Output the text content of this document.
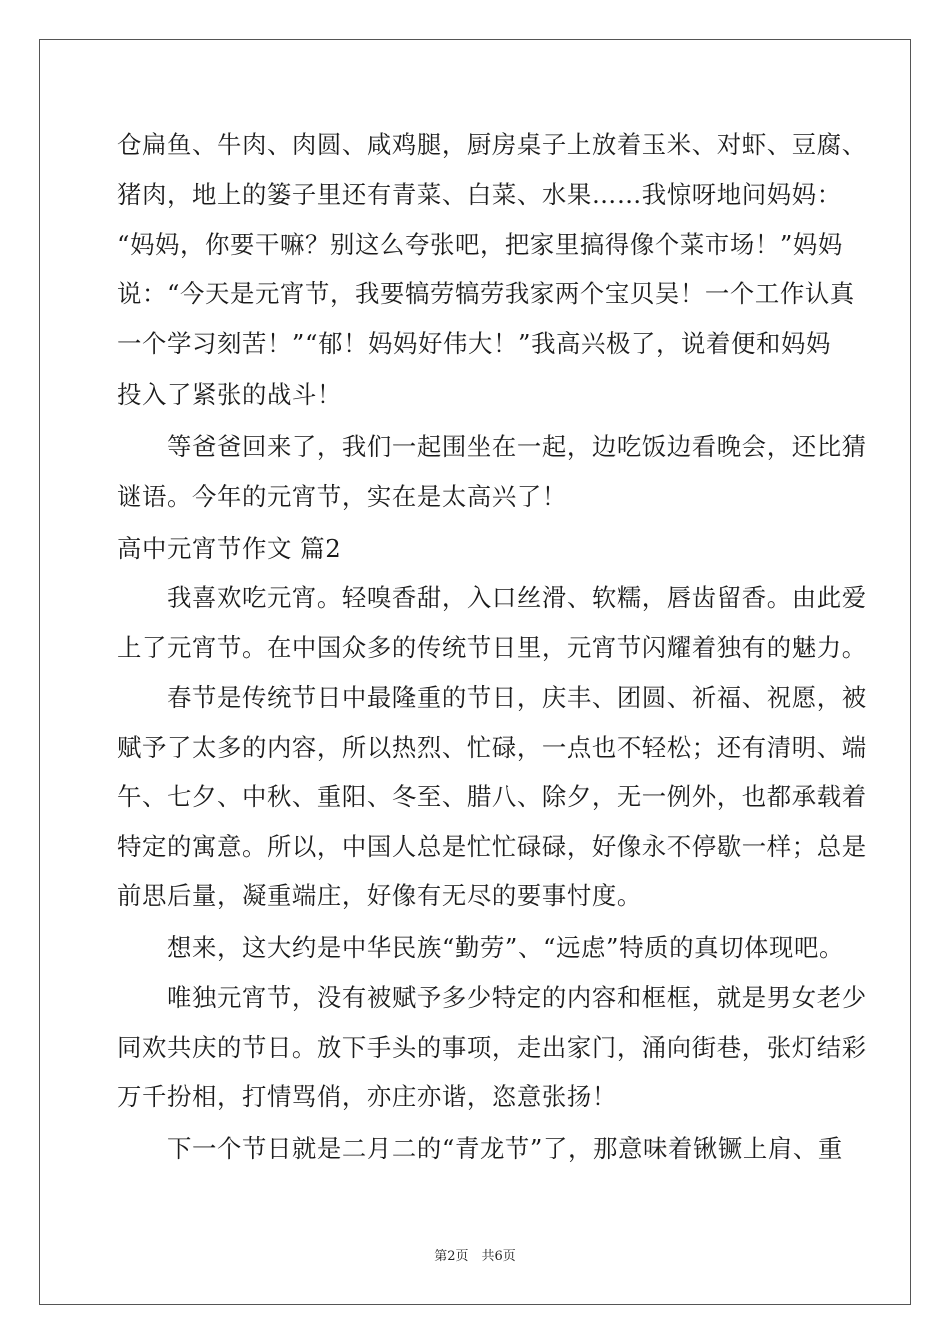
仓扁鱼、牛肉、肉圆、咸鸡腿，厨房桌子上放着玉米、对虾、豆腐、
猪肉，地上的篓子里还有青菜、白菜、水果……我惊呀地问妈妈：
“妈妈，你要干嘛？别这么夸张吧，把家里搞得像个菜市场！”妈妈
说：“今天是元宵节，我要犒劳犒劳我家两个宝贝吴！一个工作认真
一个学习刻苦！”“郁！妈妈好伟大！”我高兴极了，说着便和妈妈
投入了紧张的战斗！
　　等爸爸回来了，我们一起围坐在一起，边吃饭边看晚会，还比猜
谜语。今年的元宵节，实在是太高兴了！
高中元宵节作文 篇2
　　我喜欢吃元宵。轻嗅香甜，入口丝滑、软糯，唇齿留香。由此爱
上了元宵节。在中国众多的传统节日里，元宵节闪耀着独有的魅力。
　　春节是传统节日中最隆重的节日，庆丰、团圆、祈福、祝愿，被
赋予了太多的内容，所以热烈、忙碌，一点也不轻松；还有清明、端
午、七夕、中秋、重阳、冬至、腊八、除夕，无一例外，也都承载着
特定的寓意。所以，中国人总是忙忙碌碌，好像永不停歇一样；总是
前思后量，凝重端庄，好像有无尽的要事忖度。
　　想来，这大约是中华民族“勤劳”、“远虑”特质的真切体现吧。
　　唯独元宵节，没有被赋予多少特定的内容和框框，就是男女老少
同欢共庆的节日。放下手头的事项，走出家门，涌向街巷，张灯结彩
万千扮相，打情骂俏，亦庄亦谐，恣意张扬！
　　下一个节日就是二月二的“青龙节”了，那意味着锹镢上肩、重
第2页　共6页
